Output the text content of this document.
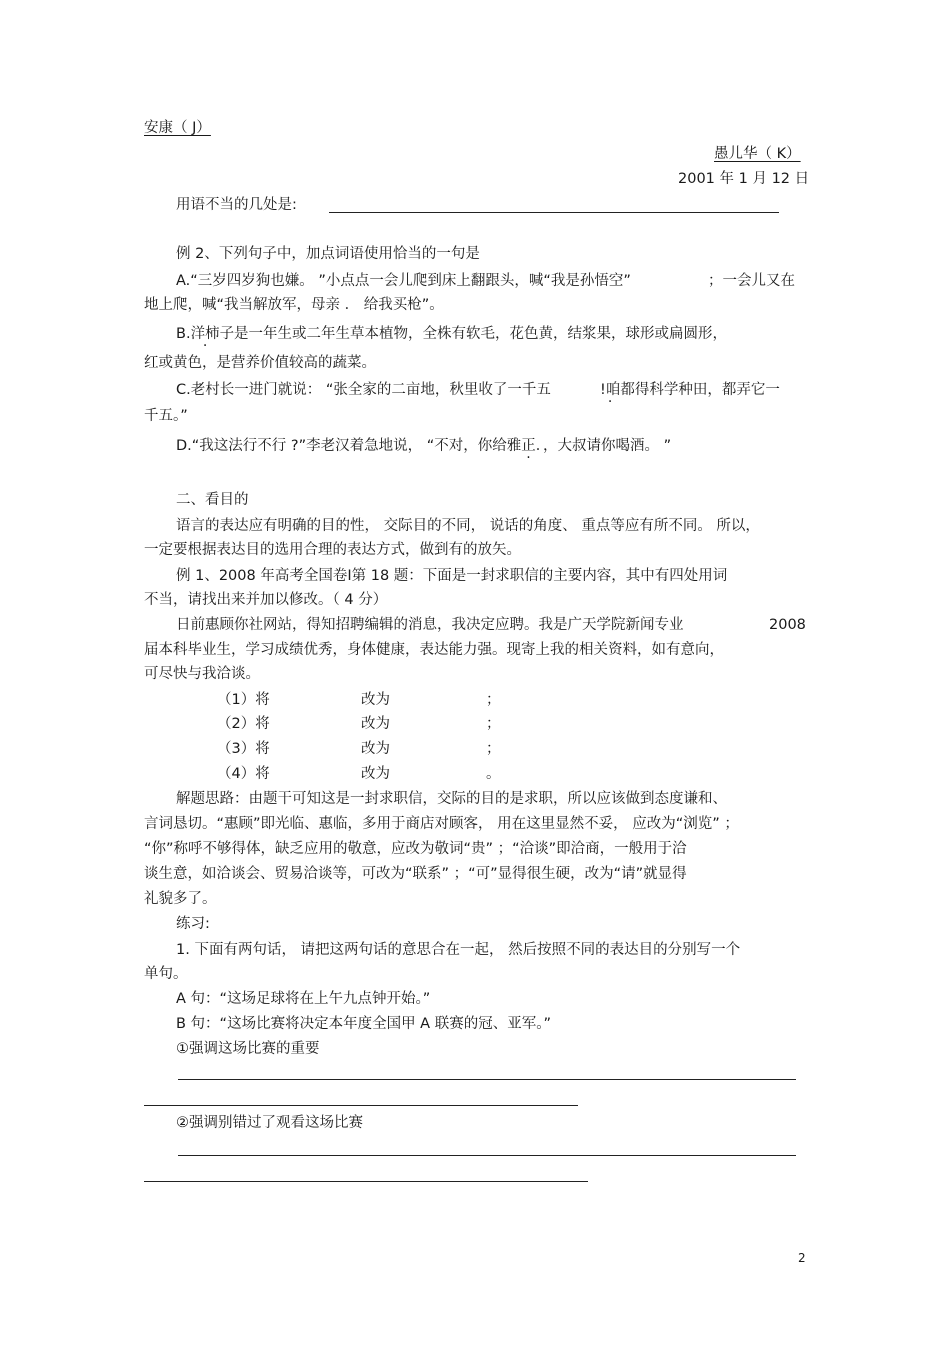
安康（ J）
愚儿华（ K）
2001 年 1 月 12 日
用语不当的几处是:
例 2、下列句子中，加点词语使用恰当的一句是
A.“三岁四岁狗也嫌。 ”小点点一会儿爬到床上翻跟头，喊“我是孙悟空”	；一会儿又在
地上爬，喊“我当解放军，母亲 ． 给我买枪”。
B.洋柿子是一年生或二年生草本植物，全株有软毛，花色黄，结浆果，球形或扁圆形，
红或黄色，是营养价值较高的蔬菜。
C.老村长一进门就说： “张全家的二亩地，秋里收了一千五	!咱 .都得科学种田，都弄它一
千五。”
D.“我这法行不行 ?”李老汉着急地说， “不对，你给雅正．，大叔请你喝酒。 ”
二、看目的
语言的表达应有明确的目的性， 交际目的不同， 说话的角度、 重点等应有所不同。 所以，
一定要根据表达目的选用合理的表达方式，做到有的放矢。
例 1、2008 年高考全国卷Ⅰ第 18 题：下面是一封求职信的主要内容，其中有四处用词
不当，请找出来并加以修改。（ 4 分）
日前惠顾你社网站，得知招聘编辑的消息，我决定应聘。我是广天学院新闻专业	2008
届本科毕业生，学习成绩优秀，身体健康，表达能力强。现寄上我的相关资料，如有意向，
可尽快与我洽谈。
（1）将	改为	；
（2）将	改为	；
（3）将	改为	；
（4）将	改为	。
解题思路：由题干可知这是一封求职信，交际的目的是求职，所以应该做到态度谦和、
言词恳切。“惠顾”即光临、惠临，多用于商店对顾客， 用在这里显然不妥， 应改为“浏览” ；
“你”称呼不够得体，缺乏应用的敬意，应改为敬词“贵” ；“洽谈”即洽商，一般用于洽
谈生意，如洽谈会、贸易洽谈等，可改为“联系” ；“可”显得很生硬，改为“请”就显得
礼貌多了。
练习:
1. 下面有两句话， 请把这两句话的意思合在一起， 然后按照不同的表达目的分别写一个
单句。
A 句：“这场足球将在上午九点钟开始。”
B 句：“这场比赛将决定本年度全国甲 A 联赛的冠、亚军。”
①强调这场比赛的重要
②强调别错过了观看这场比赛
2
